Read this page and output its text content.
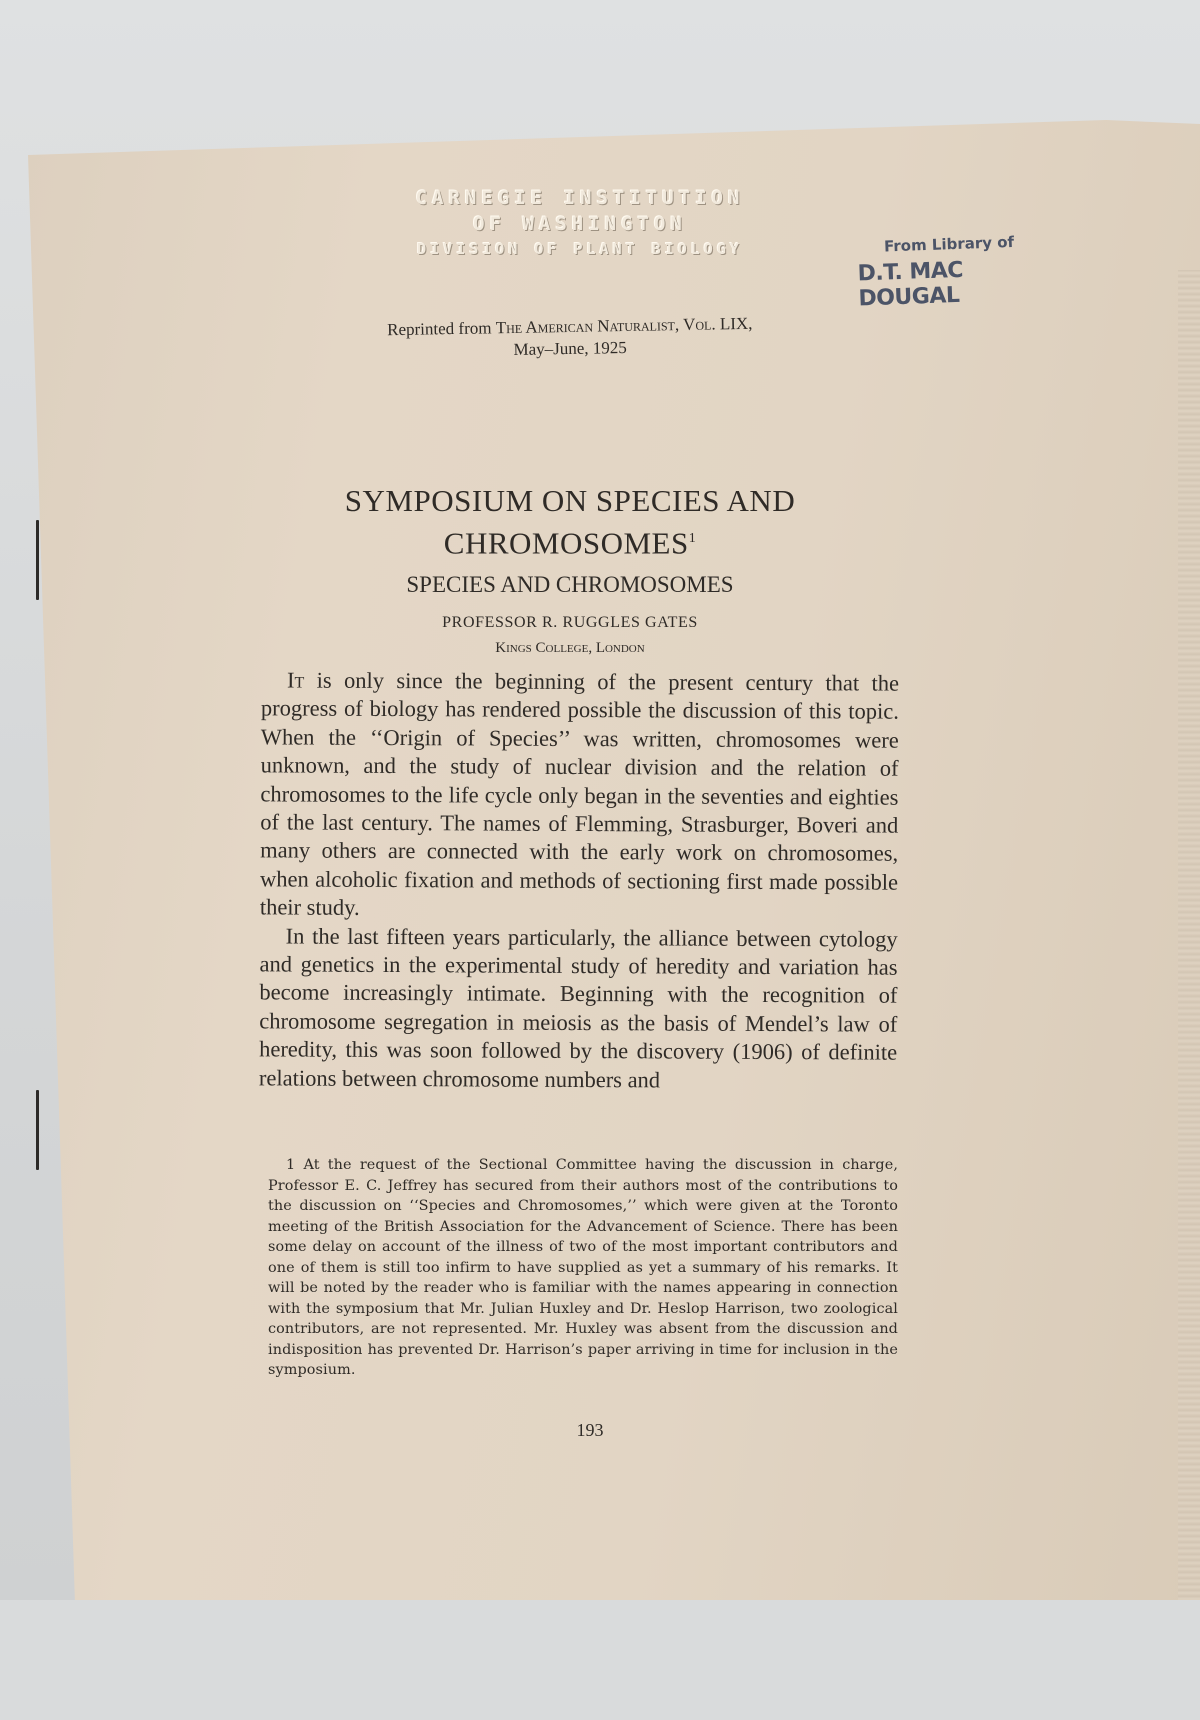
CARNEGIE INSTITUTION
OF WASHINGTON
DIVISION OF PLANT BIOLOGY	From Library of
D.T. MAC DOUGAL
Reprinted from The American Naturalist, Vol. LIX,
May–June, 1925
SYMPOSIUM ON SPECIES AND
CHROMOSOMES$^1$
SPECIES AND CHROMOSOMES
PROFESSOR R. RUGGLES GATES
Kings College, London

It is only since the beginning of the present century that the progress of biology has rendered possible the discussion of this topic. When the ‘‘Origin of Species’’ was written, chromosomes were unknown, and the study of nuclear division and the relation of chromosomes to the life cycle only began in the seventies and eighties of the last century. The names of Flemming, Strasburger, Boveri and many others are connected with the early work on chromosomes, when alcoholic fixation and methods of sectioning first made possible their study.

In the last fifteen years particularly, the alliance between cytology and genetics in the experimental study of heredity and variation has become increasingly intimate. Beginning with the recognition of chromosome segregation in meiosis as the basis of Mendel’s law of heredity, this was soon followed by the discovery (1906) of definite relations between chromosome numbers and

1 At the request of the Sectional Committee having the discussion in charge, Professor E. C. Jeffrey has secured from their authors most of the contributions to the discussion on ‘‘Species and Chromosomes,’’ which were given at the Toronto meeting of the British Association for the Advancement of Science. There has been some delay on account of the illness of two of the most important contributors and one of them is still too infirm to have supplied as yet a summary of his remarks. It will be noted by the reader who is familiar with the names appearing in connection with the symposium that Mr. Julian Huxley and Dr. Heslop Harrison, two zoological contributors, are not represented. Mr. Huxley was absent from the discussion and indisposition has prevented Dr. Harrison’s paper arriving in time for inclusion in the symposium.
193
